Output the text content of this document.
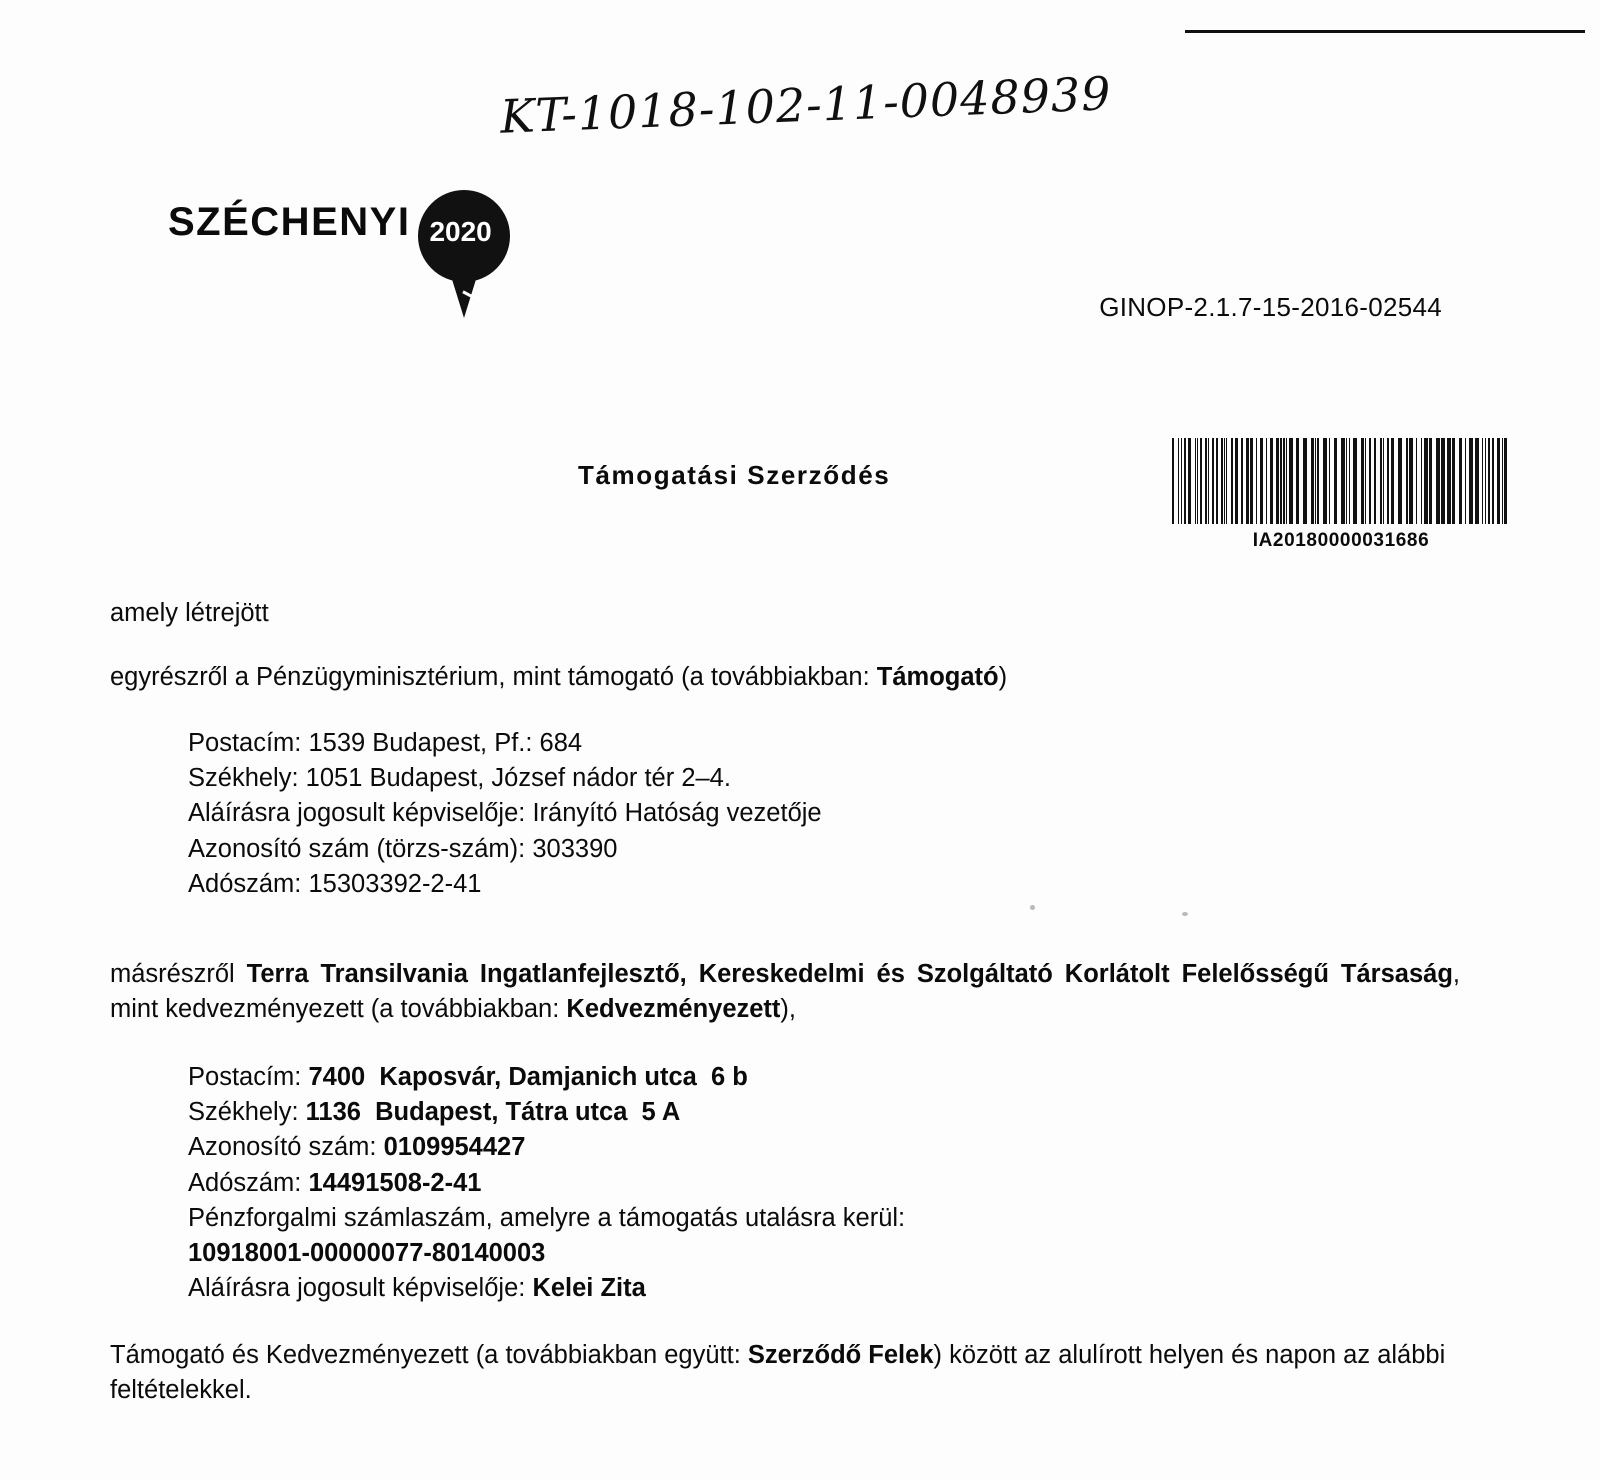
KT-1018-102-11-0048939
SZÉCHENYI 2020
GINOP-2.1.7-15-2016-02544
Támogatási Szerződés
IA20180000031686
amely létrejött
egyrészről a Pénzügyminisztérium, mint támogató (a továbbiakban: Támogató)
Postacím: 1539 Budapest, Pf.: 684
Székhely: 1051 Budapest, József nádor tér 2–4.
Aláírásra jogosult képviselője: Irányító Hatóság vezetője
Azonosító szám (törzs-szám): 303390
Adószám: 15303392-2-41

másrészről Terra Transilvania Ingatlanfejlesztő, Kereskedelmi és Szolgáltató Korlátolt Felelősségű Társaság, mint kedvezményezett (a továbbiakban: Kedvezményezett),

Postacím: 7400  Kaposvár, Damjanich utca  6 b
Székhely: 1136  Budapest, Tátra utca  5 A
Azonosító szám: 0109954427
Adószám: 14491508-2-41
Pénzforgalmi számlaszám, amelyre a támogatás utalásra kerül:
10918001-00000077-80140003
Aláírásra jogosult képviselője: Kelei Zita

Támogató és Kedvezményezett (a továbbiakban együtt: Szerződő Felek) között az alulírott helyen és napon az alábbi feltételekkel.
